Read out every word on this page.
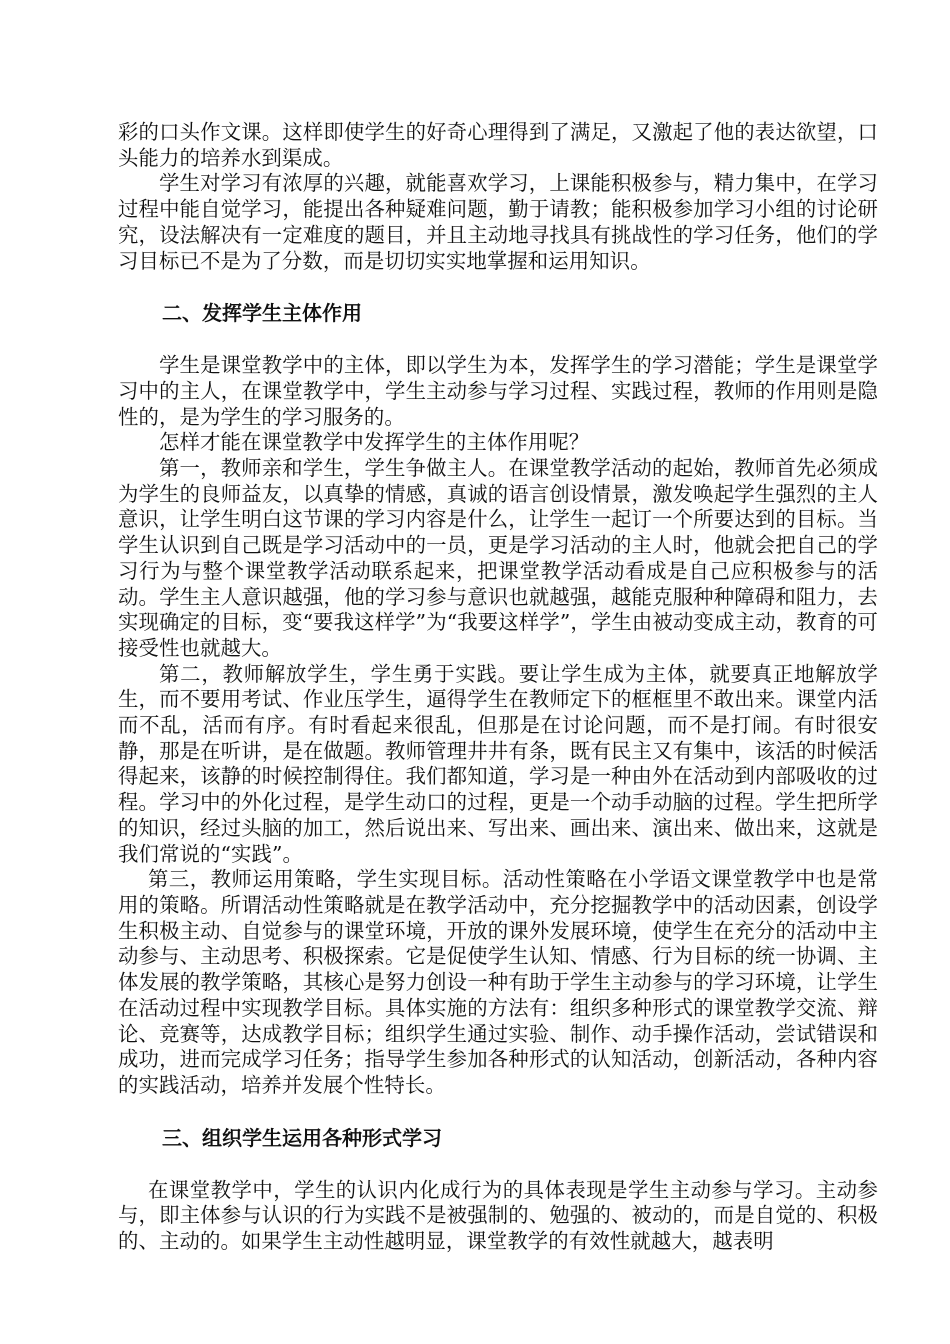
彩的口头作文课。这样即使学生的好奇心理得到了满足，又激起了他的表达欲望，口头能力的培养水到渠成。

学生对学习有浓厚的兴趣，就能喜欢学习，上课能积极参与，精力集中，在学习过程中能自觉学习，能提出各种疑难问题，勤于请教；能积极参加学习小组的讨论研究，设法解决有一定难度的题目，并且主动地寻找具有挑战性的学习任务，他们的学习目标已不是为了分数，而是切切实实地掌握和运用知识。

二、发挥学生主体作用

学生是课堂教学中的主体，即以学生为本，发挥学生的学习潜能；学生是课堂学习中的主人，在课堂教学中，学生主动参与学习过程、实践过程，教师的作用则是隐性的，是为学生的学习服务的。

怎样才能在课堂教学中发挥学生的主体作用呢？

第一，教师亲和学生，学生争做主人。在课堂教学活动的起始，教师首先必须成为学生的良师益友，以真挚的情感，真诚的语言创设情景，激发唤起学生强烈的主人意识，让学生明白这节课的学习内容是什么，让学生一起订一个所要达到的目标。当学生认识到自己既是学习活动中的一员，更是学习活动的主人时，他就会把自己的学习行为与整个课堂教学活动联系起来，把课堂教学活动看成是自己应积极参与的活动。学生主人意识越强，他的学习参与意识也就越强，越能克服种种障碍和阻力，去实现确定的目标，变“要我这样学”为“我要这样学”，学生由被动变成主动，教育的可接受性也就越大。

第二，教师解放学生，学生勇于实践。要让学生成为主体，就要真正地解放学生，而不要用考试、作业压学生，逼得学生在教师定下的框框里不敢出来。课堂内活而不乱，活而有序。有时看起来很乱，但那是在讨论问题，而不是打闹。有时很安静，那是在听讲，是在做题。教师管理井井有条，既有民主又有集中，该活的时候活得起来，该静的时候控制得住。我们都知道，学习是一种由外在活动到内部吸收的过程。学习中的外化过程，是学生动口的过程，更是一个动手动脑的过程。学生把所学的知识，经过头脑的加工，然后说出来、写出来、画出来、演出来、做出来，这就是我们常说的“实践”。

第三，教师运用策略，学生实现目标。活动性策略在小学语文课堂教学中也是常用的策略。所谓活动性策略就是在教学活动中，充分挖掘教学中的活动因素，创设学生积极主动、自觉参与的课堂环境，开放的课外发展环境，使学生在充分的活动中主动参与、主动思考、积极探索。它是促使学生认知、情感、行为目标的统一协调、主体发展的教学策略，其核心是努力创设一种有助于学生主动参与的学习环境，让学生在活动过程中实现教学目标。具体实施的方法有：组织多种形式的课堂教学交流、辩论、竞赛等，达成教学目标；组织学生通过实验、制作、动手操作活动，尝试错误和成功，进而完成学习任务；指导学生参加各种形式的认知活动，创新活动，各种内容的实践活动，培养并发展个性特长。

三、组织学生运用各种形式学习

在课堂教学中，学生的认识内化成行为的具体表现是学生主动参与学习。主动参与，即主体参与认识的行为实践不是被强制的、勉强的、被动的，而是自觉的、积极的、主动的。如果学生主动性越明显，课堂教学的有效性就越大，越表明
